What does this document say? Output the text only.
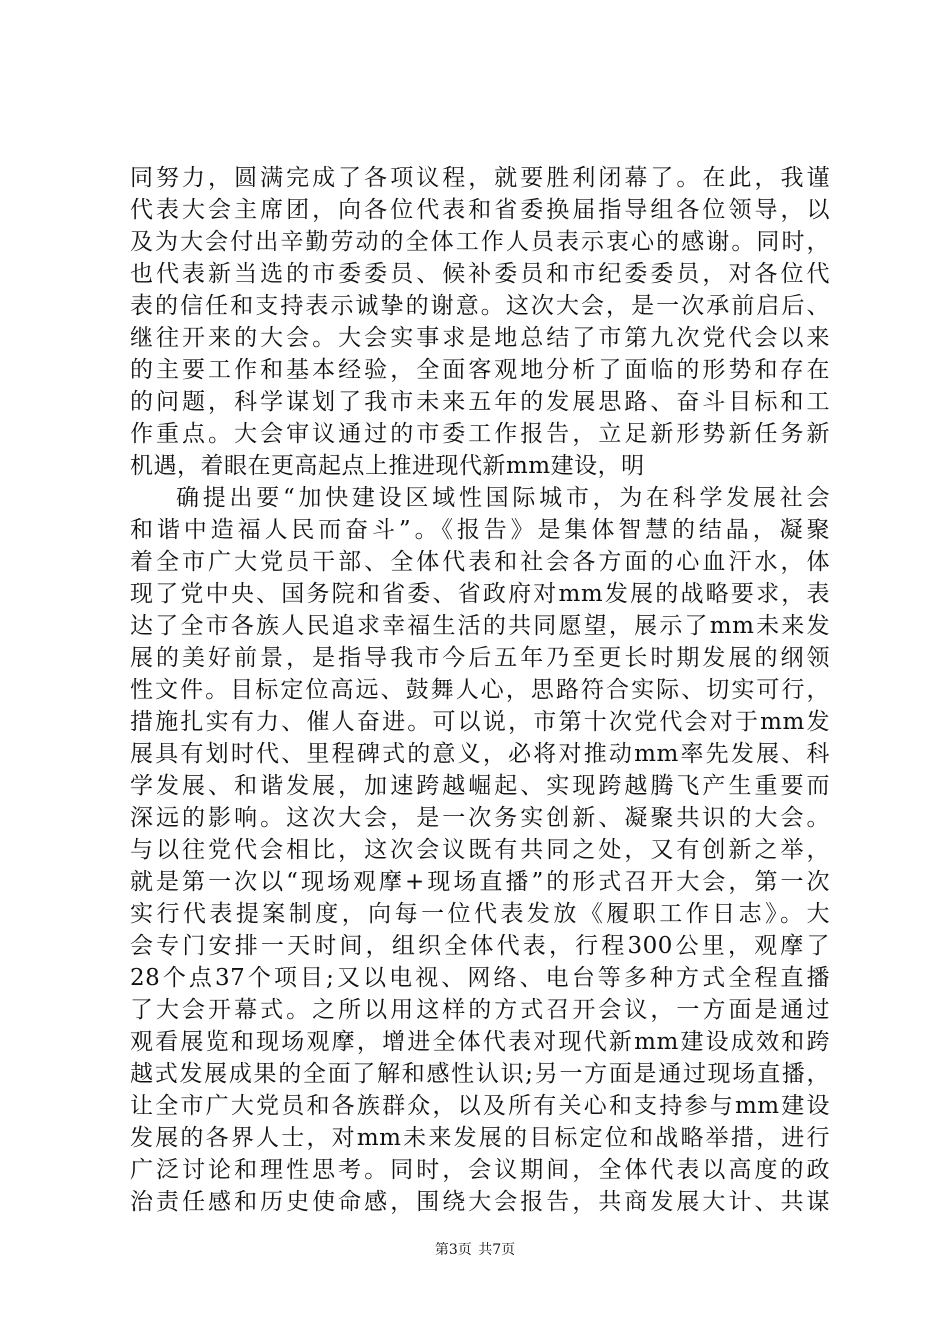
同努力，圆满完成了各项议程，就要胜利闭幕了。在此，我谨
代表大会主席团，向各位代表和省委换届指导组各位领导，以
及为大会付出辛勤劳动的全体工作人员表示衷心的感谢。同时，
也代表新当选的市委委员、候补委员和市纪委委员，对各位代
表的信任和支持表示诚挚的谢意。这次大会，是一次承前启后、
继往开来的大会。大会实事求是地总结了市第九次党代会以来
的主要工作和基本经验，全面客观地分析了面临的形势和存在
的问题，科学谋划了我市未来五年的发展思路、奋斗目标和工
作重点。大会审议通过的市委工作报告，立足新形势新任务新
机遇，着眼在更高起点上推进现代新mm建设，明
确提出要“加快建设区域性国际城市，为在科学发展社会
和谐中造福人民而奋斗”。《报告》是集体智慧的结晶，凝聚
着全市广大党员干部、全体代表和社会各方面的心血汗水，体
现了党中央、国务院和省委、省政府对mm发展的战略要求，表
达了全市各族人民追求幸福生活的共同愿望，展示了mm未来发
展的美好前景，是指导我市今后五年乃至更长时期发展的纲领
性文件。目标定位高远、鼓舞人心，思路符合实际、切实可行，
措施扎实有力、催人奋进。可以说，市第十次党代会对于mm发
展具有划时代、里程碑式的意义，必将对推动mm率先发展、科
学发展、和谐发展，加速跨越崛起、实现跨越腾飞产生重要而
深远的影响。这次大会，是一次务实创新、凝聚共识的大会。
与以往党代会相比，这次会议既有共同之处，又有创新之举，
就是第一次以“现场观摩+现场直播”的形式召开大会，第一次
实行代表提案制度，向每一位代表发放《履职工作日志》。大
会专门安排一天时间，组织全体代表，行程300公里，观摩了
28个点37个项目;又以电视、网络、电台等多种方式全程直播
了大会开幕式。之所以用这样的方式召开会议，一方面是通过
观看展览和现场观摩，增进全体代表对现代新mm建设成效和跨
越式发展成果的全面了解和感性认识;另一方面是通过现场直播，
让全市广大党员和各族群众，以及所有关心和支持参与mm建设
发展的各界人士，对mm未来发展的目标定位和战略举措，进行
广泛讨论和理性思考。同时，会议期间，全体代表以高度的政
治责任感和历史使命感，围绕大会报告，共商发展大计、共谋
第3页 共7页
